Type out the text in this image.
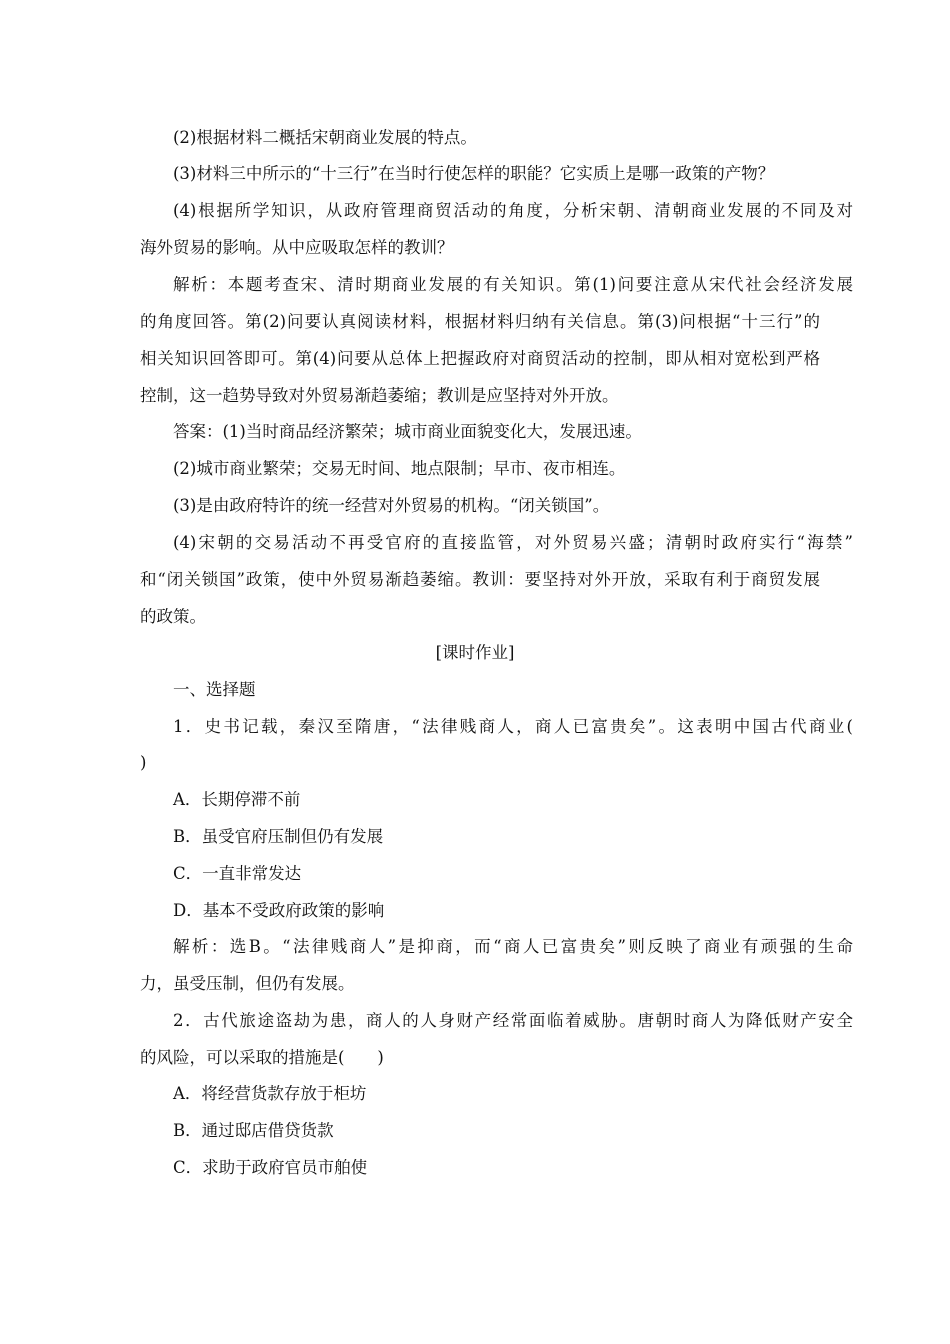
(2)根据材料二概括宋朝商业发展的特点。

(3)材料三中所示的“十三行”在当时行使怎样的职能？它实质上是哪一政策的产物？

(4)根据所学知识，从政府管理商贸活动的角度，分析宋朝、清朝商业发展的不同及对

海外贸易的影响。从中应吸取怎样的教训？

解析：本题考查宋、清时期商业发展的有关知识。第(1)问要注意从宋代社会经济发展

的角度回答。第(2)问要认真阅读材料，根据材料归纳有关信息。第(3)问根据“十三行”的

相关知识回答即可。第(4)问要从总体上把握政府对商贸活动的控制，即从相对宽松到严格

控制，这一趋势导致对外贸易渐趋萎缩；教训是应坚持对外开放。

答案：(1)当时商品经济繁荣；城市商业面貌变化大，发展迅速。

(2)城市商业繁荣；交易无时间、地点限制；早市、夜市相连。

(3)是由政府特许的统一经营对外贸易的机构。“闭关锁国”。

(4)宋朝的交易活动不再受官府的直接监管，对外贸易兴盛；清朝时政府实行“海禁”

和“闭关锁国”政策，使中外贸易渐趋萎缩。教训：要坚持对外开放，采取有利于商贸发展

的政策。

[课时作业]

一、选择题

1．史书记载，秦汉至隋唐，“法律贱商人，商人已富贵矣”。这表明中国古代商业(

)

A．长期停滞不前

B．虽受官府压制但仍有发展

C．一直非常发达

D．基本不受政府政策的影响

解析：选B。“法律贱商人”是抑商，而“商人已富贵矣”则反映了商业有顽强的生命

力，虽受压制，但仍有发展。

2．古代旅途盗劫为患，商人的人身财产经常面临着威胁。唐朝时商人为降低财产安全

的风险，可以采取的措施是(　　)

A．将经营货款存放于柜坊

B．通过邸店借贷货款

C．求助于政府官员市舶使
